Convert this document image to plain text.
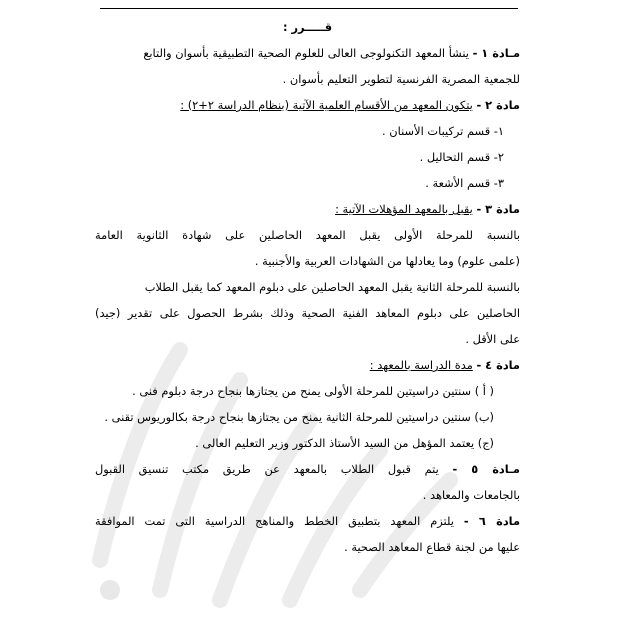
قـــــرر :
مـادة ١ - ينشأ المعهد التكنولوجى العالى للعلوم الصحية التطبيقية بأسوان والتابع
للجمعية المصرية الفرنسية لتطوير التعليم بأسوان .
مادة ٢ - يتكون المعهد من الأقسام العلمية الآتية (بنظام الدراسة ٢+٢) :
١- قسم تركيبات الأسنان .
٢- قسم التحاليل .
٣- قسم الأشعة .
مادة ٣ - يقبل بالمعهد المؤهلات الآتية :
بالنسبة للمرحلة الأولى يقبل المعهد الحاصلين على شهادة الثانوية العامة
(علمى علوم) وما يعادلها من الشهادات العربية والأجنبية .
بالنسبة للمرحلة الثانية يقبل المعهد الحاصلين على دبلوم المعهد كما يقبل الطلاب
الحاصلين على دبلوم المعاهد الفنية الصحية وذلك بشرط الحصول على تقدير (جيد)
على الأقل .
مادة ٤ - مدة الدراسة بالمعهد :
( أ ) سنتين دراسيتين للمرحلة الأولى يمنح من يجتازها بنجاح درجة دبلوم فنى .
(ب) سنتين دراسيتين للمرحلة الثانية يمنح من يجتازها بنجاح درجة بكالوريوس تقنى .
(ج) يعتمد المؤهل من السيد الأستاذ الدكتور وزير التعليم العالى .
مـادة ٥ - يتم قبول الطلاب بالمعهد عن طريق مكتب تنسيق القبول
بالجامعات والمعاهد .
مادة ٦ - يلتزم المعهد بتطبيق الخطط والمناهج الدراسية التى تمت الموافقة
عليها من لجنة قطاع المعاهد الصحية .
